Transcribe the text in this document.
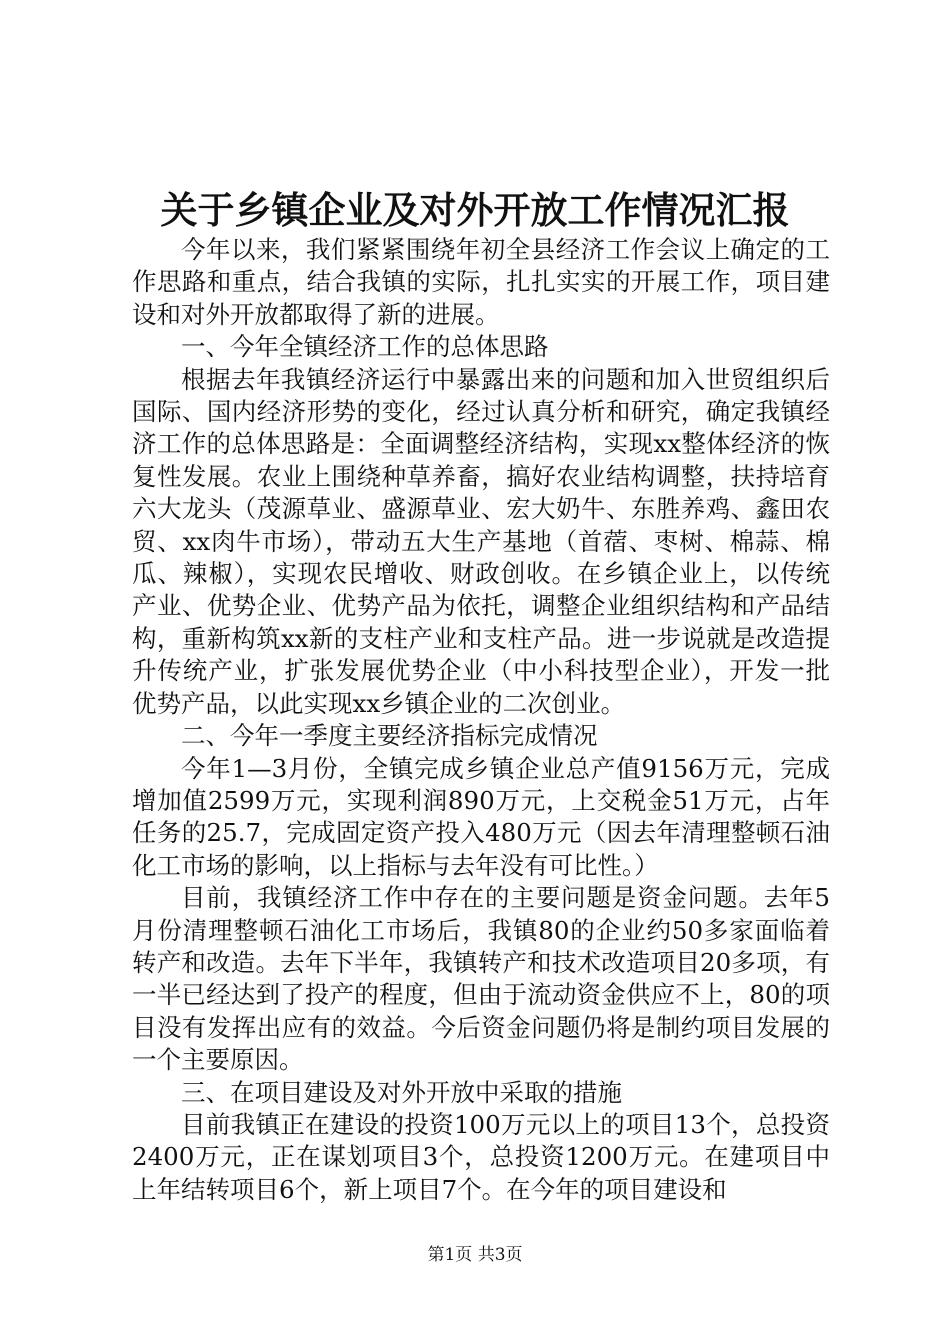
关于乡镇企业及对外开放工作情况汇报

今年以来，我们紧紧围绕年初全县经济工作会议上确定的工作思路和重点，结合我镇的实际，扎扎实实的开展工作，项目建设和对外开放都取得了新的进展。

一、今年全镇经济工作的总体思路

根据去年我镇经济运行中暴露出来的问题和加入世贸组织后国际、国内经济形势的变化，经过认真分析和研究，确定我镇经济工作的总体思路是：全面调整经济结构，实现xx整体经济的恢复性发展。农业上围绕种草养畜，搞好农业结构调整，扶持培育六大龙头（茂源草业、盛源草业、宏大奶牛、东胜养鸡、鑫田农贸、xx肉牛市场），带动五大生产基地（首蓿、枣树、棉蒜、棉瓜、辣椒），实现农民增收、财政创收。在乡镇企业上，以传统产业、优势企业、优势产品为依托，调整企业组织结构和产品结构，重新构筑xx新的支柱产业和支柱产品。进一步说就是改造提升传统产业，扩张发展优势企业（中小科技型企业），开发一批优势产品，以此实现xx乡镇企业的二次创业。

二、今年一季度主要经济指标完成情况

今年1—3月份，全镇完成乡镇企业总产值9156万元，完成增加值2599万元，实现利润890万元，上交税金51万元，占年任务的25.7，完成固定资产投入480万元（因去年清理整顿石油化工市场的影响，以上指标与去年没有可比性。）

目前，我镇经济工作中存在的主要问题是资金问题。去年5月份清理整顿石油化工市场后，我镇80的企业约50多家面临着转产和改造。去年下半年，我镇转产和技术改造项目20多项，有一半已经达到了投产的程度，但由于流动资金供应不上，80的项目没有发挥出应有的效益。今后资金问题仍将是制约项目发展的一个主要原因。

三、在项目建设及对外开放中采取的措施

目前我镇正在建设的投资100万元以上的项目13个，总投资2400万元，正在谋划项目3个，总投资1200万元。在建项目中上年结转项目6个，新上项目7个。在今年的项目建设和

第1页 共3页
